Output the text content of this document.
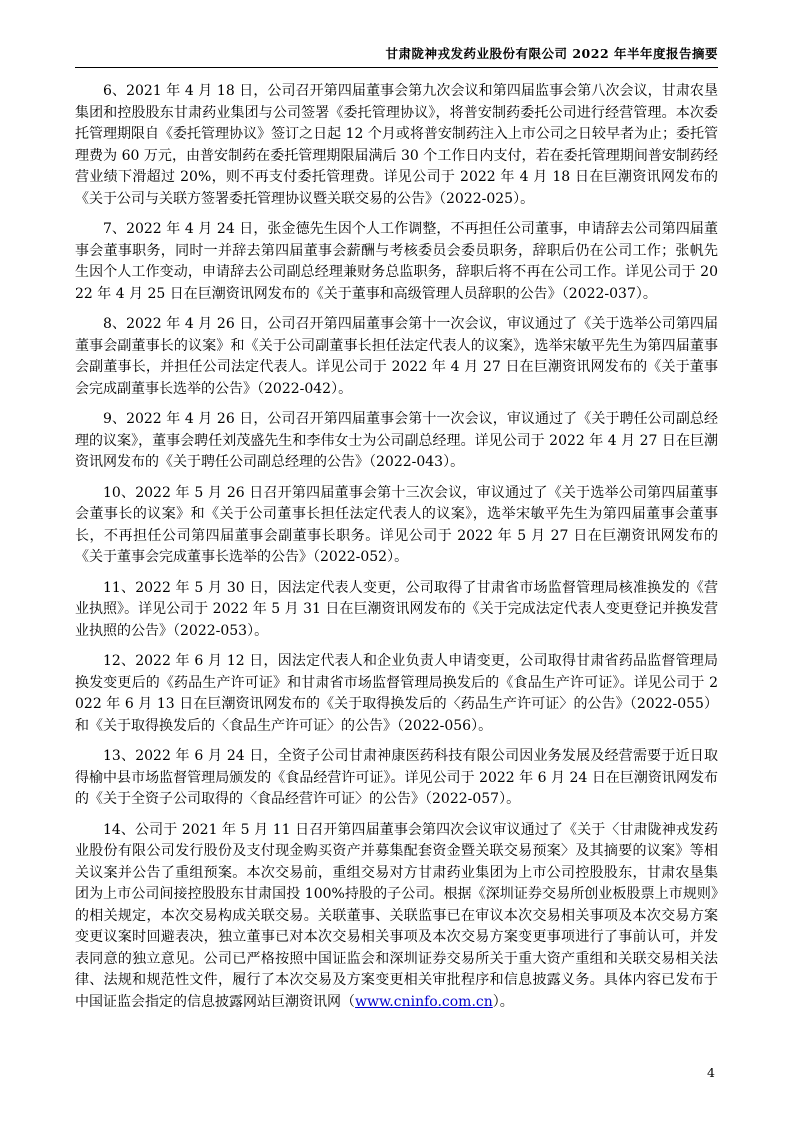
甘肃陇神戎发药业股份有限公司 2022 年半年度报告摘要

6、2021 年 4 月 18 日，公司召开第四届董事会第九次会议和第四届监事会第八次会议，甘肃农垦集团和控股股东甘肃药业集团与公司签署《委托管理协议》，将普安制药委托公司进行经营管理。本次委托管理期限自《委托管理协议》签订之日起 12 个月或将普安制药注入上市公司之日较早者为止；委托管理费为 60 万元，由普安制药在委托管理期限届满后 30 个工作日内支付，若在委托管理期间普安制药经营业绩下滑超过 20%，则不再支付委托管理费。详见公司于 2022 年 4 月 18 日在巨潮资讯网发布的《关于公司与关联方签署委托管理协议暨关联交易的公告》（2022-025）。

7、2022 年 4 月 24 日，张金德先生因个人工作调整，不再担任公司董事，申请辞去公司第四届董事会董事职务，同时一并辞去第四届董事会薪酬与考核委员会委员职务，辞职后仍在公司工作；张帆先生因个人工作变动，申请辞去公司副总经理兼财务总监职务，辞职后将不再在公司工作。详见公司于 2022 年 4 月 25 日在巨潮资讯网发布的《关于董事和高级管理人员辞职的公告》（2022-037）。

8、2022 年 4 月 26 日，公司召开第四届董事会第十一次会议，审议通过了《关于选举公司第四届董事会副董事长的议案》和《关于公司副董事长担任法定代表人的议案》，选举宋敏平先生为第四届董事会副董事长，并担任公司法定代表人。详见公司于 2022 年 4 月 27 日在巨潮资讯网发布的《关于董事会完成副董事长选举的公告》（2022-042）。

9、2022 年 4 月 26 日，公司召开第四届董事会第十一次会议，审议通过了《关于聘任公司副总经理的议案》，董事会聘任刘茂盛先生和李伟女士为公司副总经理。详见公司于 2022 年 4 月 27 日在巨潮资讯网发布的《关于聘任公司副总经理的公告》（2022-043）。

10、2022 年 5 月 26 日召开第四届董事会第十三次会议，审议通过了《关于选举公司第四届董事会董事长的议案》和《关于公司董事长担任法定代表人的议案》，选举宋敏平先生为第四届董事会董事长，不再担任公司第四届董事会副董事长职务。详见公司于 2022 年 5 月 27 日在巨潮资讯网发布的《关于董事会完成董事长选举的公告》（2022-052）。

11、2022 年 5 月 30 日，因法定代表人变更，公司取得了甘肃省市场监督管理局核准换发的《营业执照》。详见公司于 2022 年 5 月 31 日在巨潮资讯网发布的《关于完成法定代表人变更登记并换发营业执照的公告》（2022-053）。

12、2022 年 6 月 12 日，因法定代表人和企业负责人申请变更，公司取得甘肃省药品监督管理局换发变更后的《药品生产许可证》和甘肃省市场监督管理局换发后的《食品生产许可证》。详见公司于 2022 年 6 月 13 日在巨潮资讯网发布的《关于取得换发后的〈药品生产许可证〉的公告》（2022-055）和《关于取得换发后的〈食品生产许可证〉的公告》（2022-056）。

13、2022 年 6 月 24 日，全资子公司甘肃神康医药科技有限公司因业务发展及经营需要于近日取得榆中县市场监督管理局颁发的《食品经营许可证》。详见公司于 2022 年 6 月 24 日在巨潮资讯网发布的《关于全资子公司取得的〈食品经营许可证〉的公告》（2022-057）。

14、公司于 2021 年 5 月 11 日召开第四届董事会第四次会议审议通过了《关于〈甘肃陇神戎发药业股份有限公司发行股份及支付现金购买资产并募集配套资金暨关联交易预案〉及其摘要的议案》等相关议案并公告了重组预案。本次交易前，重组交易对方甘肃药业集团为上市公司控股股东，甘肃农垦集团为上市公司间接控股股东甘肃国投 100%持股的子公司。根据《深圳证券交易所创业板股票上市规则》的相关规定，本次交易构成关联交易。关联董事、关联监事已在审议本次交易相关事项及本次交易方案变更议案时回避表决，独立董事已对本次交易相关事项及本次交易方案变更事项进行了事前认可，并发表同意的独立意见。公司已严格按照中国证监会和深圳证券交易所关于重大资产重组和关联交易相关法律、法规和规范性文件，履行了本次交易及方案变更相关审批程序和信息披露义务。具体内容已发布于中国证监会指定的信息披露网站巨潮资讯网（www.cninfo.com.cn）。

4
